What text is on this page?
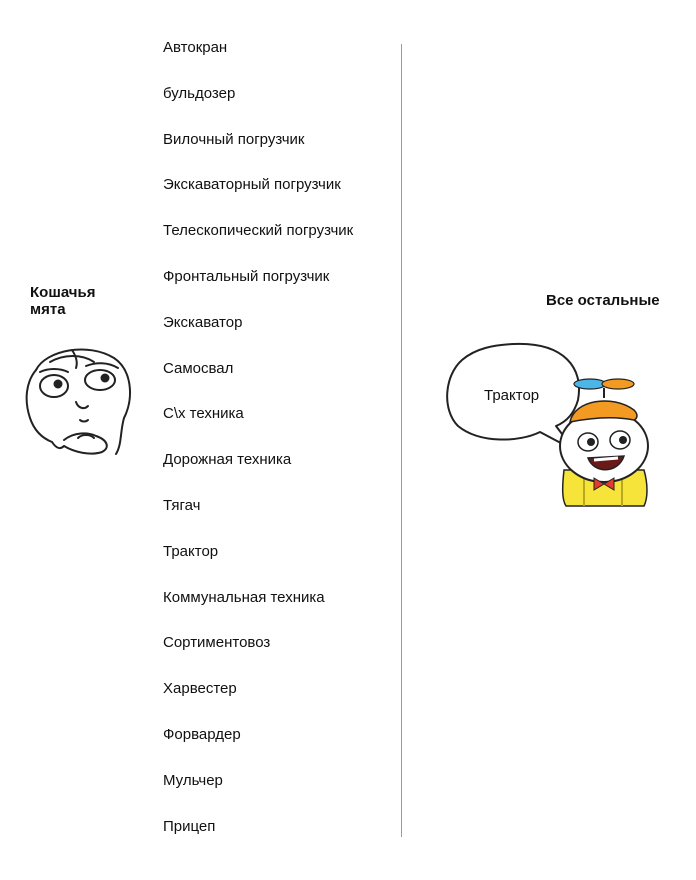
Кошачья
мята
Автокран
бульдозер
Вилочный погрузчик
Экскаваторный погрузчик
Телескопический погрузчик
Фронтальный погрузчик
Экскаватор
Самосвал
С\х техника
Дорожная техника
Тягач
Трактор
Коммунальная техника
Сортиментовоз
Харвестер
Форвардер
Мульчер
Прицеп
Все остальные
Трактор
